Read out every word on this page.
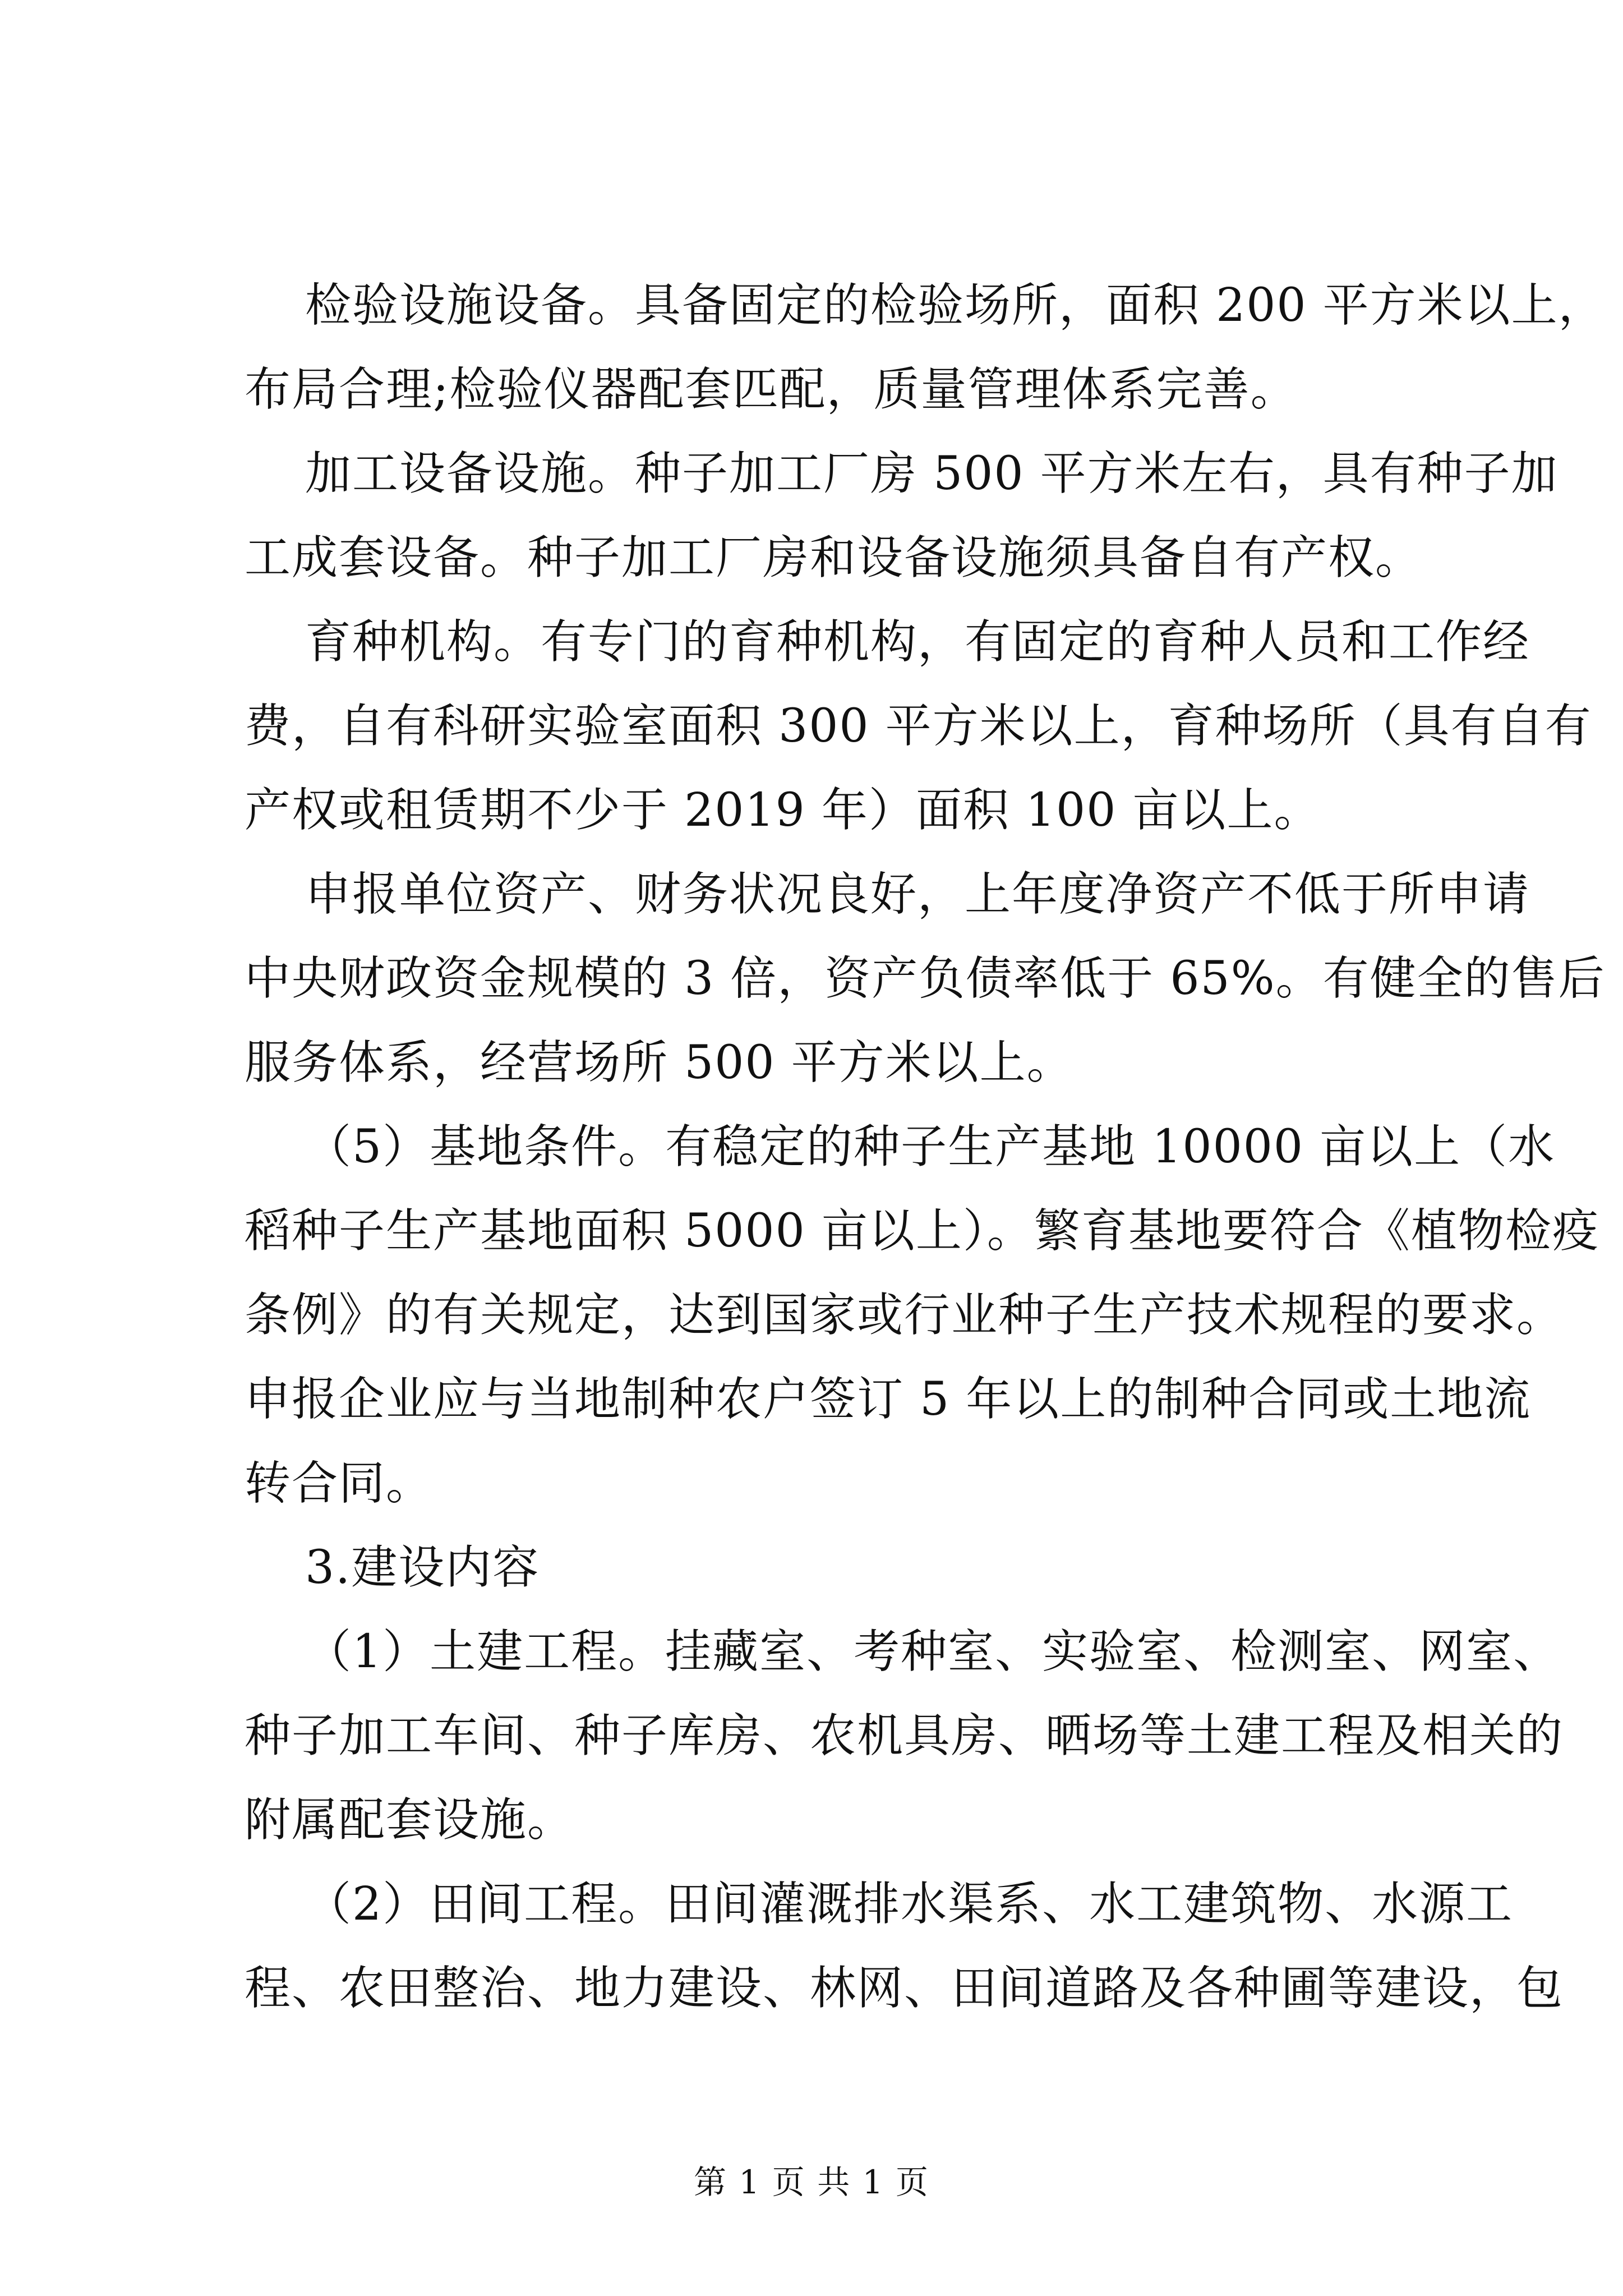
检验设施设备。具备固定的检验场所，面积 200 平方米以上，
布局合理;检验仪器配套匹配，质量管理体系完善。
加工设备设施。种子加工厂房 500 平方米左右，具有种子加
工成套设备。种子加工厂房和设备设施须具备自有产权。
育种机构。有专门的育种机构，有固定的育种人员和工作经
费，自有科研实验室面积 300 平方米以上，育种场所（具有自有
产权或租赁期不少于 2019 年）面积 100 亩以上。
申报单位资产、财务状况良好，上年度净资产不低于所申请
中央财政资金规模的 3 倍，资产负债率低于 65%。有健全的售后
服务体系，经营场所 500 平方米以上。
（5）基地条件。有稳定的种子生产基地 10000 亩以上（水
稻种子生产基地面积 5000 亩以上）。繁育基地要符合《植物检疫
条例》的有关规定，达到国家或行业种子生产技术规程的要求。
申报企业应与当地制种农户签订 5 年以上的制种合同或土地流
转合同。
3.建设内容
（1）土建工程。挂藏室、考种室、实验室、检测室、网室、
种子加工车间、种子库房、农机具房、晒场等土建工程及相关的
附属配套设施。
（2）田间工程。田间灌溉排水渠系、水工建筑物、水源工
程、农田整治、地力建设、林网、田间道路及各种圃等建设，包
第 1 页 共 1 页
